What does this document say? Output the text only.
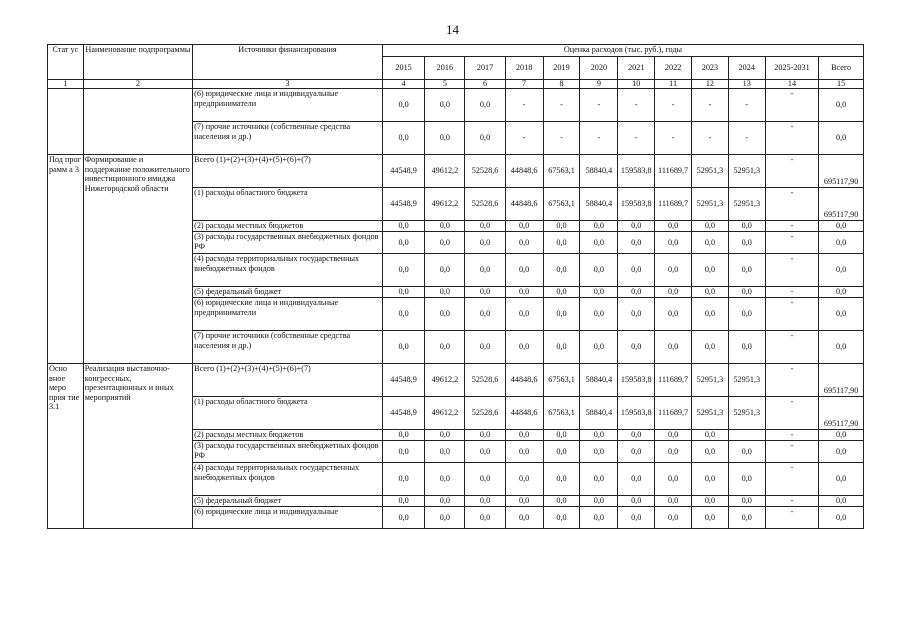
14
Стат ус	Наименование подпрограммы	Источники финансирования	Оценка расходов (тыс. руб.), годы											
			2015	2016	2017	2018	2019	2020	2021	2022	2023	2024	2025-2031	Всего
1	2	3	4	5	6	7	8	9	10	11	12	13	14	15
		(6) юридические лица и индивидуальные предприниматели	0,0	0,0	0,0	-	-	-	-	-	-	-	-	0,0
		(7) прочие источники (собственные средства населения и др.)	0,0	0,0	0,0	-	-	-	-	-	-	-	-	0,0
Под прог рамм а 3	Формирование и поддержание положительного инвестиционного имиджа Нижегородской области	Всего (1)+(2)+(3)+(4)+(5)+(6)+(7)	44548,9	49612,2	52528,6	44848,6	67563,1	58840,4	159583,8	111689,7	52951,3	52951,3	-	695117,90
		(1) расходы областного бюджета	44548,9	49612,2	52528,6	44848,6	67563,1	58840,4	159583,8	111689,7	52951,3	52951,3	-	695117,90
		(2) расходы местных бюджетов	0,0	0,0	0,0	0,0	0,0	0,0	0,0	0,0	0,0	0,0	-	0,0
		(3) расходы государственных внебюджетных фондов РФ	0,0	0,0	0,0	0,0	0,0	0,0	0,0	0,0	0,0	0,0	-	0,0
		(4) расходы территориальных государственных внебюджетных фондов	0,0	0,0	0,0	0,0	0,0	0,0	0,0	0,0	0,0	0,0	-	0,0
		(5) федеральный бюджет	0,0	0,0	0,0	0,0	0,0	0,0	0,0	0,0	0,0	0,0	-	0,0
		(6) юридические лица и индивидуальные предприниматели	0,0	0,0	0,0	0,0	0,0	0,0	0,0	0,0	0,0	0,0	-	0,0
		(7) прочие источники (собственные средства населения и др.)	0,0	0,0	0,0	0,0	0,0	0,0	0,0	0,0	0,0	0,0	-	0,0
Осно вное меро прия тие 3.1	Реализация выставочно-конгрессных, презентационных и иных мероприятий	Всего (1)+(2)+(3)+(4)+(5)+(6)+(7)	44548,9	49612,2	52528,6	44848,6	67563,1	58840,4	159583,8	111689,7	52951,3	52951,3	-	695117,90
		(1) расходы областного бюджета	44548,9	49612,2	52528,6	44848,6	67563,1	58840,4	159583,8	111689,7	52951,3	52951,3	-	695117,90
		(2) расходы местных бюджетов	0,0	0,0	0,0	0,0	0,0	0,0	0,0	0,0	0,0		-	0,0
		(3) расходы государственных внебюджетных фондов РФ	0,0	0,0	0,0	0,0	0,0	0,0	0,0	0,0	0,0	0,0	-	0,0
		(4) расходы территориальных государственных внебюджетных фондов	0,0	0,0	0,0	0,0	0,0	0,0	0,0	0,0	0,0	0,0	-	0,0
		(5) федеральный бюджет	0,0	0,0	0,0	0,0	0,0	0,0	0,0	0,0	0,0	0,0	-	0,0
		(6) юридические лица и индивидуальные	0,0	0,0	0,0	0,0	0,0	0,0	0,0	0,0	0,0	0,0	-	0,0
